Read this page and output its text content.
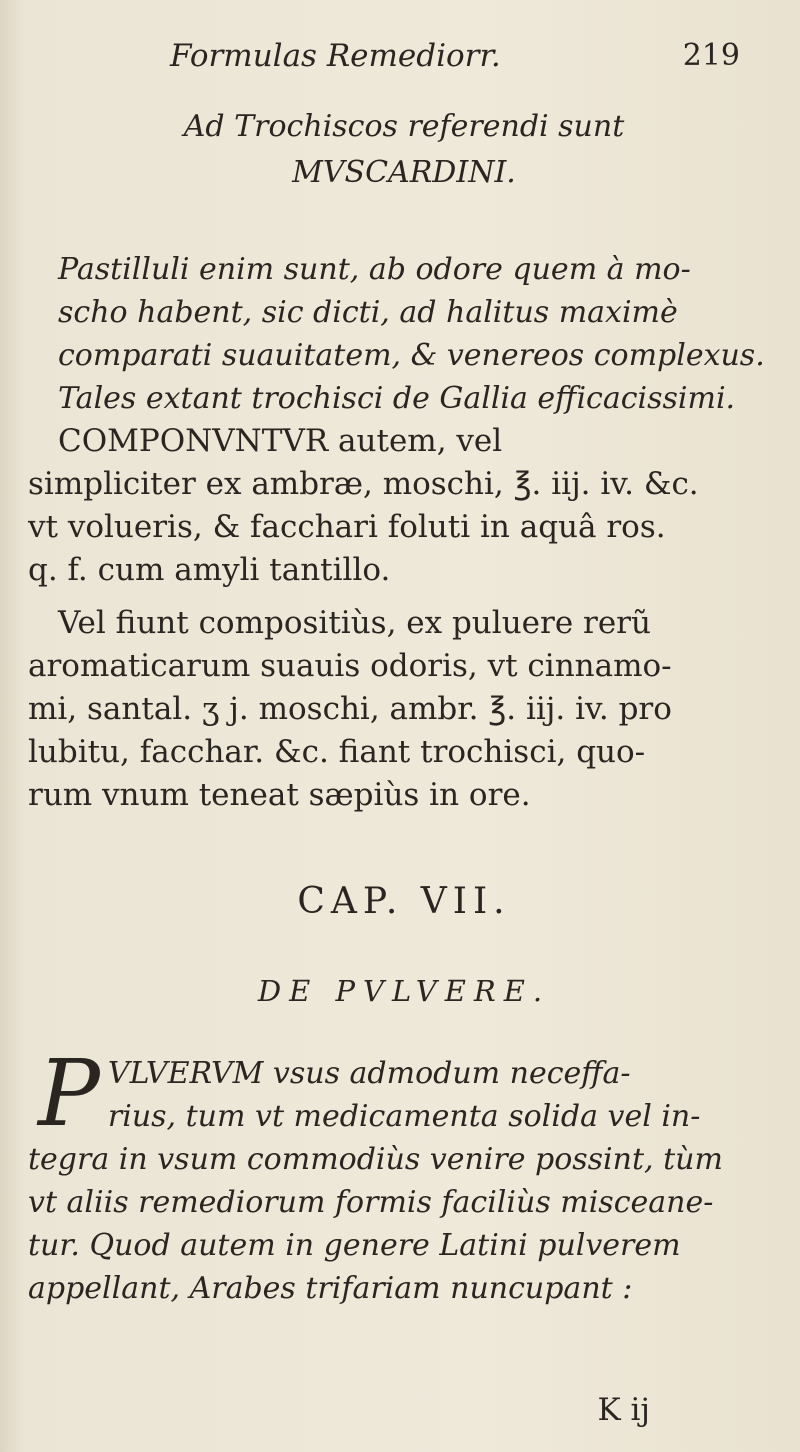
Formulas Remediorr.	219
Ad Trochiscos referendi sunt
MVSCARDINI.
Pastilluli enim sunt, ab odore quem à mo-
scho habent, sic dicti, ad halitus maximè
comparati suauitatem, & venereos complexus.
Tales extant trochisci de Gallia efficacissimi.
COMPONVNTVR autem, vel
simpliciter ex ambræ, moschi, ℥. iij. iv. &c.
vt volueris, & facchari foluti in aquâ ros.
q. f. cum amyli tantillo.
Vel fiunt compositiùs, ex puluere rerũ
aromaticarum suauis odoris, vt cinnamo-
mi, santal. ʒ j. moschi, ambr. ℥. iij. iv. pro
lubitu, facchar. &c. fiant trochisci, quo-
rum vnum teneat sæpiùs in ore.
CAP. VII.
DE PVLVERE.
P VLVERVM vsus admodum neceffa-
rius, tum vt medicamenta solida vel in-
tegra in vsum commodiùs venire possint, tùm
vt aliis remediorum formis faciliùs misceane-
tur. Quod autem in genere Latini pulverem
appellant, Arabes trifariam nuncupant :
K ij
